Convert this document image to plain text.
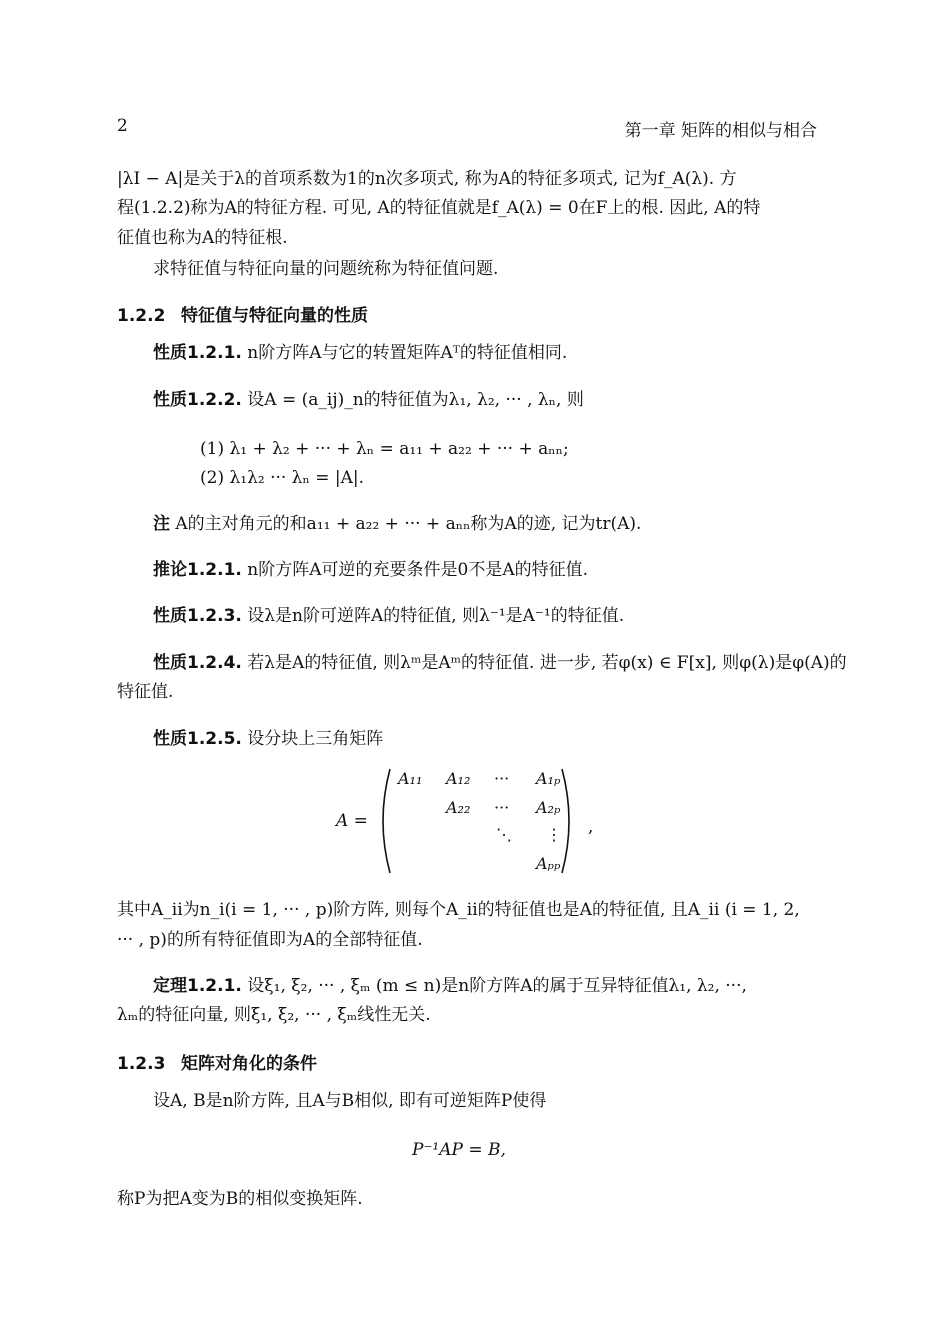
2	第一章 矩阵的相似与相合
|λI − A|是关于λ的首项系数为1的n次多项式, 称为A的特征多项式, 记为f_A(λ). 方
程(1.2.2)称为A的特征方程. 可见, A的特征值就是f_A(λ) = 0在F上的根. 因此, A的特
征值也称为A的特征根.
求特征值与特征向量的问题统称为特征值问题.
1.2.2 特征值与特征向量的性质
性质1.2.1. n阶方阵A与它的转置矩阵Aᵀ的特征值相同.
性质1.2.2. 设A = (a_ij)_n的特征值为λ₁, λ₂, ··· , λₙ, 则
(1) λ₁ + λ₂ + ··· + λₙ = a₁₁ + a₂₂ + ··· + aₙₙ;
(2) λ₁λ₂ ··· λₙ = |A|.
注 A的主对角元的和a₁₁ + a₂₂ + ··· + aₙₙ称为A的迹, 记为tr(A).
推论1.2.1. n阶方阵A可逆的充要条件是0不是A的特征值.
性质1.2.3. 设λ是n阶可逆阵A的特征值, 则λ⁻¹是A⁻¹的特征值.
性质1.2.4. 若λ是A的特征值, 则λᵐ是Aᵐ的特征值. 进一步, 若φ(x) ∈ F[x], 则φ(λ)是φ(A)的
特征值.
性质1.2.5. 设分块上三角矩阵
A =
A₁₁ A₁₂ ··· A₁ₚ
A₂₂ ··· A₂ₚ
⋱ ⋮
Aₚₚ
,
其中A_ii为n_i(i = 1, ··· , p)阶方阵, 则每个A_ii的特征值也是A的特征值, 且A_ii (i = 1, 2,
··· , p)的所有特征值即为A的全部特征值.
定理1.2.1. 设ξ₁, ξ₂, ··· , ξₘ (m ≤ n)是n阶方阵A的属于互异特征值λ₁, λ₂, ···,
λₘ的特征向量, 则ξ₁, ξ₂, ··· , ξₘ线性无关.
1.2.3 矩阵对角化的条件
设A, B是n阶方阵, 且A与B相似, 即有可逆矩阵P使得
P⁻¹AP = B,
称P为把A变为B的相似变换矩阵.
